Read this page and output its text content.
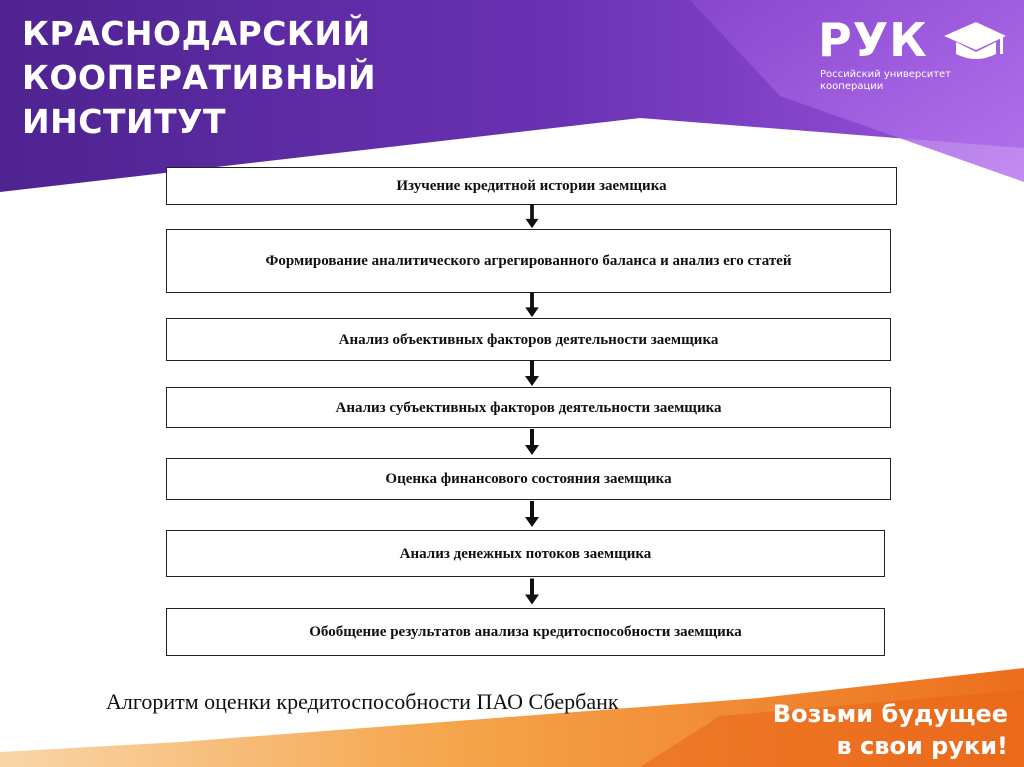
КРАСНОДАРСКИЙ
КООПЕРАТИВНЫЙ
ИНСТИТУТ
РУК
Российский университет
кооперации
Изучение кредитной истории заемщика
Формирование аналитического агрегированного баланса и анализ его статей
Анализ объективных факторов деятельности заемщика
Анализ субъективных факторов деятельности заемщика
Оценка финансового состояния заемщика
Анализ денежных потоков заемщика
Обобщение результатов анализа кредитоспособности заемщика

Алгоритм оценки кредитоспособности ПАО Сбербанк	Возьми будущее
в свои руки!
